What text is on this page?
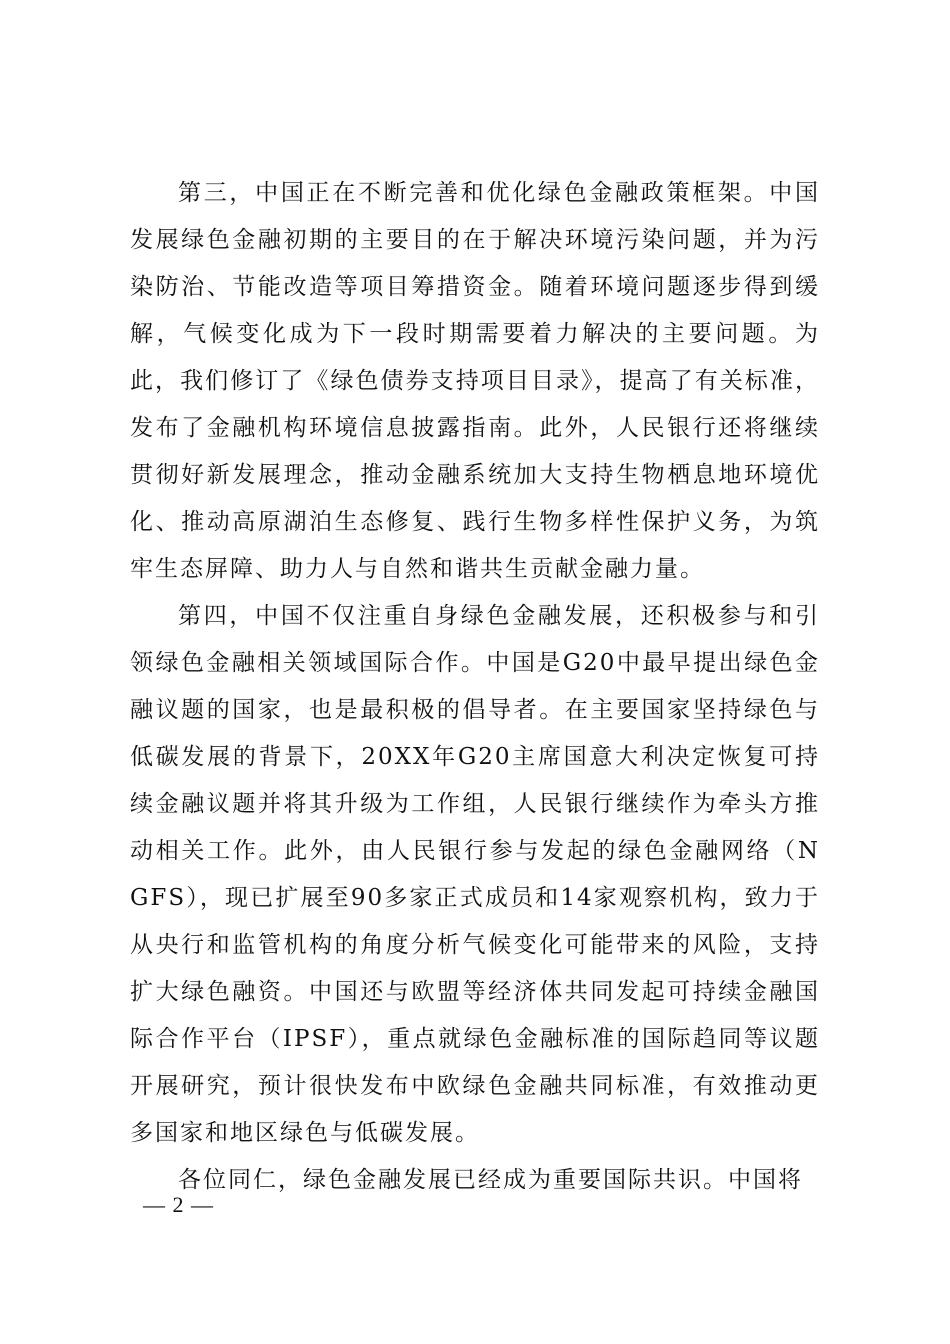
第三，中国正在不断完善和优化绿色金融政策框架。中国发展绿色金融初期的主要目的在于解决环境污染问题，并为污染防治、节能改造等项目筹措资金。随着环境问题逐步得到缓解，气候变化成为下一段时期需要着力解决的主要问题。为此，我们修订了《绿色债券支持项目目录》，提高了有关标准，发布了金融机构环境信息披露指南。此外，人民银行还将继续贯彻好新发展理念，推动金融系统加大支持生物栖息地环境优化、推动高原湖泊生态修复、践行生物多样性保护义务，为筑牢生态屏障、助力人与自然和谐共生贡献金融力量。

第四，中国不仅注重自身绿色金融发展，还积极参与和引领绿色金融相关领域国际合作。中国是G20中最早提出绿色金融议题的国家，也是最积极的倡导者。在主要国家坚持绿色与低碳发展的背景下，20XX年G20主席国意大利决定恢复可持续金融议题并将其升级为工作组，人民银行继续作为牵头方推动相关工作。此外，由人民银行参与发起的绿色金融网络（NGFS），现已扩展至90多家正式成员和14家观察机构，致力于从央行和监管机构的角度分析气候变化可能带来的风险，支持扩大绿色融资。中国还与欧盟等经济体共同发起可持续金融国际合作平台（IPSF），重点就绿色金融标准的国际趋同等议题开展研究，预计很快发布中欧绿色金融共同标准，有效推动更多国家和地区绿色与低碳发展。

各位同仁，绿色金融发展已经成为重要国际共识。中国将

— 2 —
